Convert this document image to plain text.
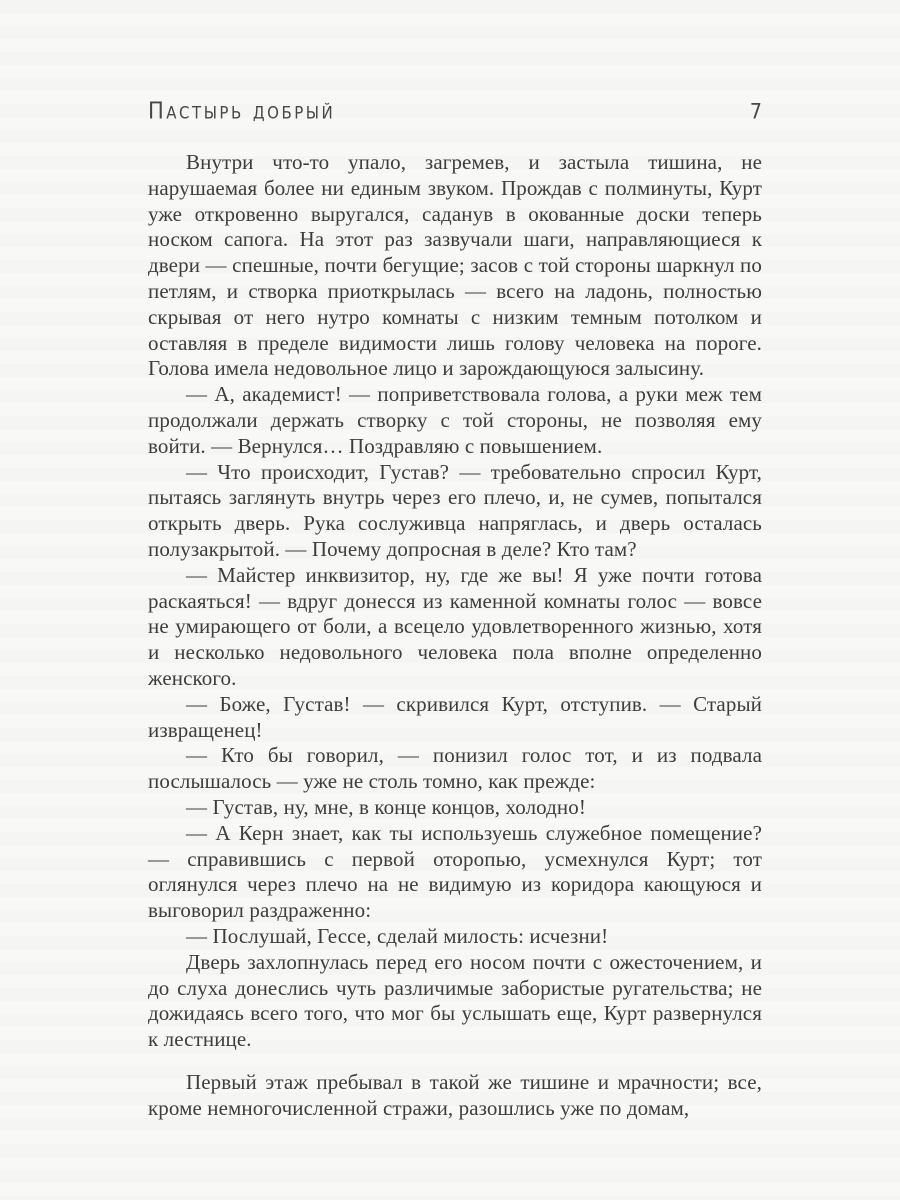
Пастырь добрый	7

Внутри что-то упало, загремев, и застыла тишина, не нарушаемая более ни единым звуком. Прождав с полминуты, Курт уже откровенно выругался, саданув в окованные доски теперь носком сапога. На этот раз зазвучали шаги, направляющиеся к двери — спешные, почти бегущие; засов с той стороны шаркнул по петлям, и створка приоткрылась — всего на ладонь, полностью скрывая от него нутро комнаты с низким темным потолком и оставляя в пределе видимости лишь голову человека на пороге. Голова имела недовольное лицо и зарождающуюся залысину.

— А, академист! — поприветствовала голова, а руки меж тем продолжали держать створку с той стороны, не позволяя ему войти. — Вернулся… Поздравляю с повышением.

— Что происходит, Густав? — требовательно спросил Курт, пытаясь заглянуть внутрь через его плечо, и, не сумев, попытался открыть дверь. Рука сослуживца напряглась, и дверь осталась полузакрытой. — Почему допросная в деле? Кто там?

— Майстер инквизитор, ну, где же вы! Я уже почти готова раскаяться! — вдруг донесся из каменной комнаты голос — вовсе не умирающего от боли, а всецело удовлетворенного жизнью, хотя и несколько недовольного человека пола вполне определенно женского.

— Боже, Густав! — скривился Курт, отступив. — Старый извращенец!

— Кто бы говорил, — понизил голос тот, и из подвала послышалось — уже не столь томно, как прежде:

— Густав, ну, мне, в конце концов, холодно!

— А Керн знает, как ты используешь служебное помещение? — справившись с первой оторопью, усмехнулся Курт; тот оглянулся через плечо на не видимую из коридора кающуюся и выговорил раздраженно:

— Послушай, Гессе, сделай милость: исчезни!

Дверь захлопнулась перед его носом почти с ожесточением, и до слуха донеслись чуть различимые забористые ругательства; не дожидаясь всего того, что мог бы услышать еще, Курт развернулся к лестнице.

Первый этаж пребывал в такой же тишине и мрачности; все, кроме немногочисленной стражи, разошлись уже по домам,
